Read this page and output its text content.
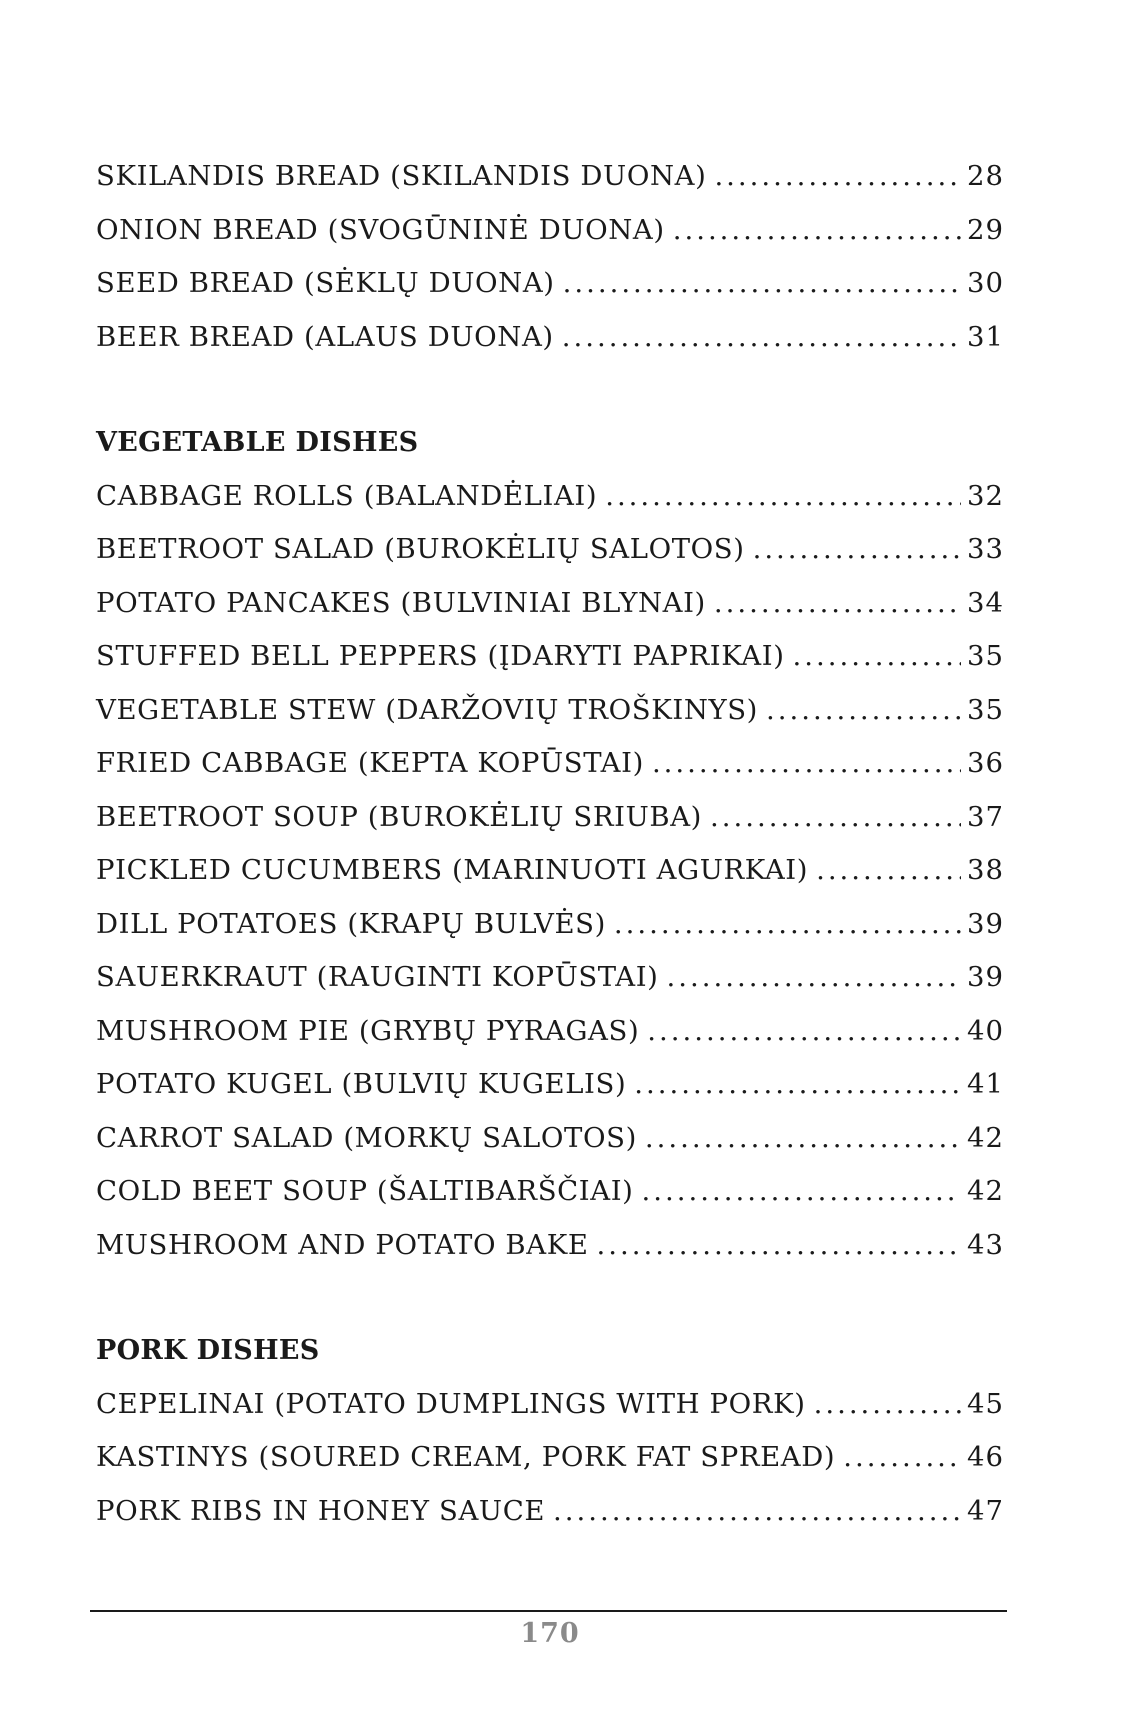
SKILANDIS BREAD (SKILANDIS DUONA) .....	28
ONION BREAD (SVOGŪNINĖ DUONA) .....	29
SEED BREAD (SĖKLŲ DUONA) .....	30
BEER BREAD (ALAUS DUONA) .....	31
VEGETABLE DISHES
CABBAGE ROLLS (BALANDĖLIAI) .....	32
BEETROOT SALAD (BUROKĖLIŲ SALOTOS) .....	33
POTATO PANCAKES (BULVINIAI BLYNAI) .....	34
STUFFED BELL PEPPERS (ĮDARYTI PAPRIKAI) .....	35
VEGETABLE STEW (DARŽOVIŲ TROŠKINYS) .....	35
FRIED CABBAGE (KEPTA KOPŪSTAI) .....	36
BEETROOT SOUP (BUROKĖLIŲ SRIUBA) .....	37
PICKLED CUCUMBERS (MARINUOTI AGURKAI) .....	38
DILL POTATOES (KRAPŲ BULVĖS) .....	39
SAUERKRAUT (RAUGINTI KOPŪSTAI) .....	39
MUSHROOM PIE (GRYBŲ PYRAGAS) .....	40
POTATO KUGEL (BULVIŲ KUGELIS) .....	41
CARROT SALAD (MORKŲ SALOTOS) .....	42
COLD BEET SOUP (ŠALTIBARŠČIAI) .....	42
MUSHROOM AND POTATO BAKE .....	43
PORK DISHES
CEPELINAI (POTATO DUMPLINGS WITH PORK) .....	45
KASTINYS (SOURED CREAM, PORK FAT SPREAD) .....	46
PORK RIBS IN HONEY SAUCE .....	47
170
